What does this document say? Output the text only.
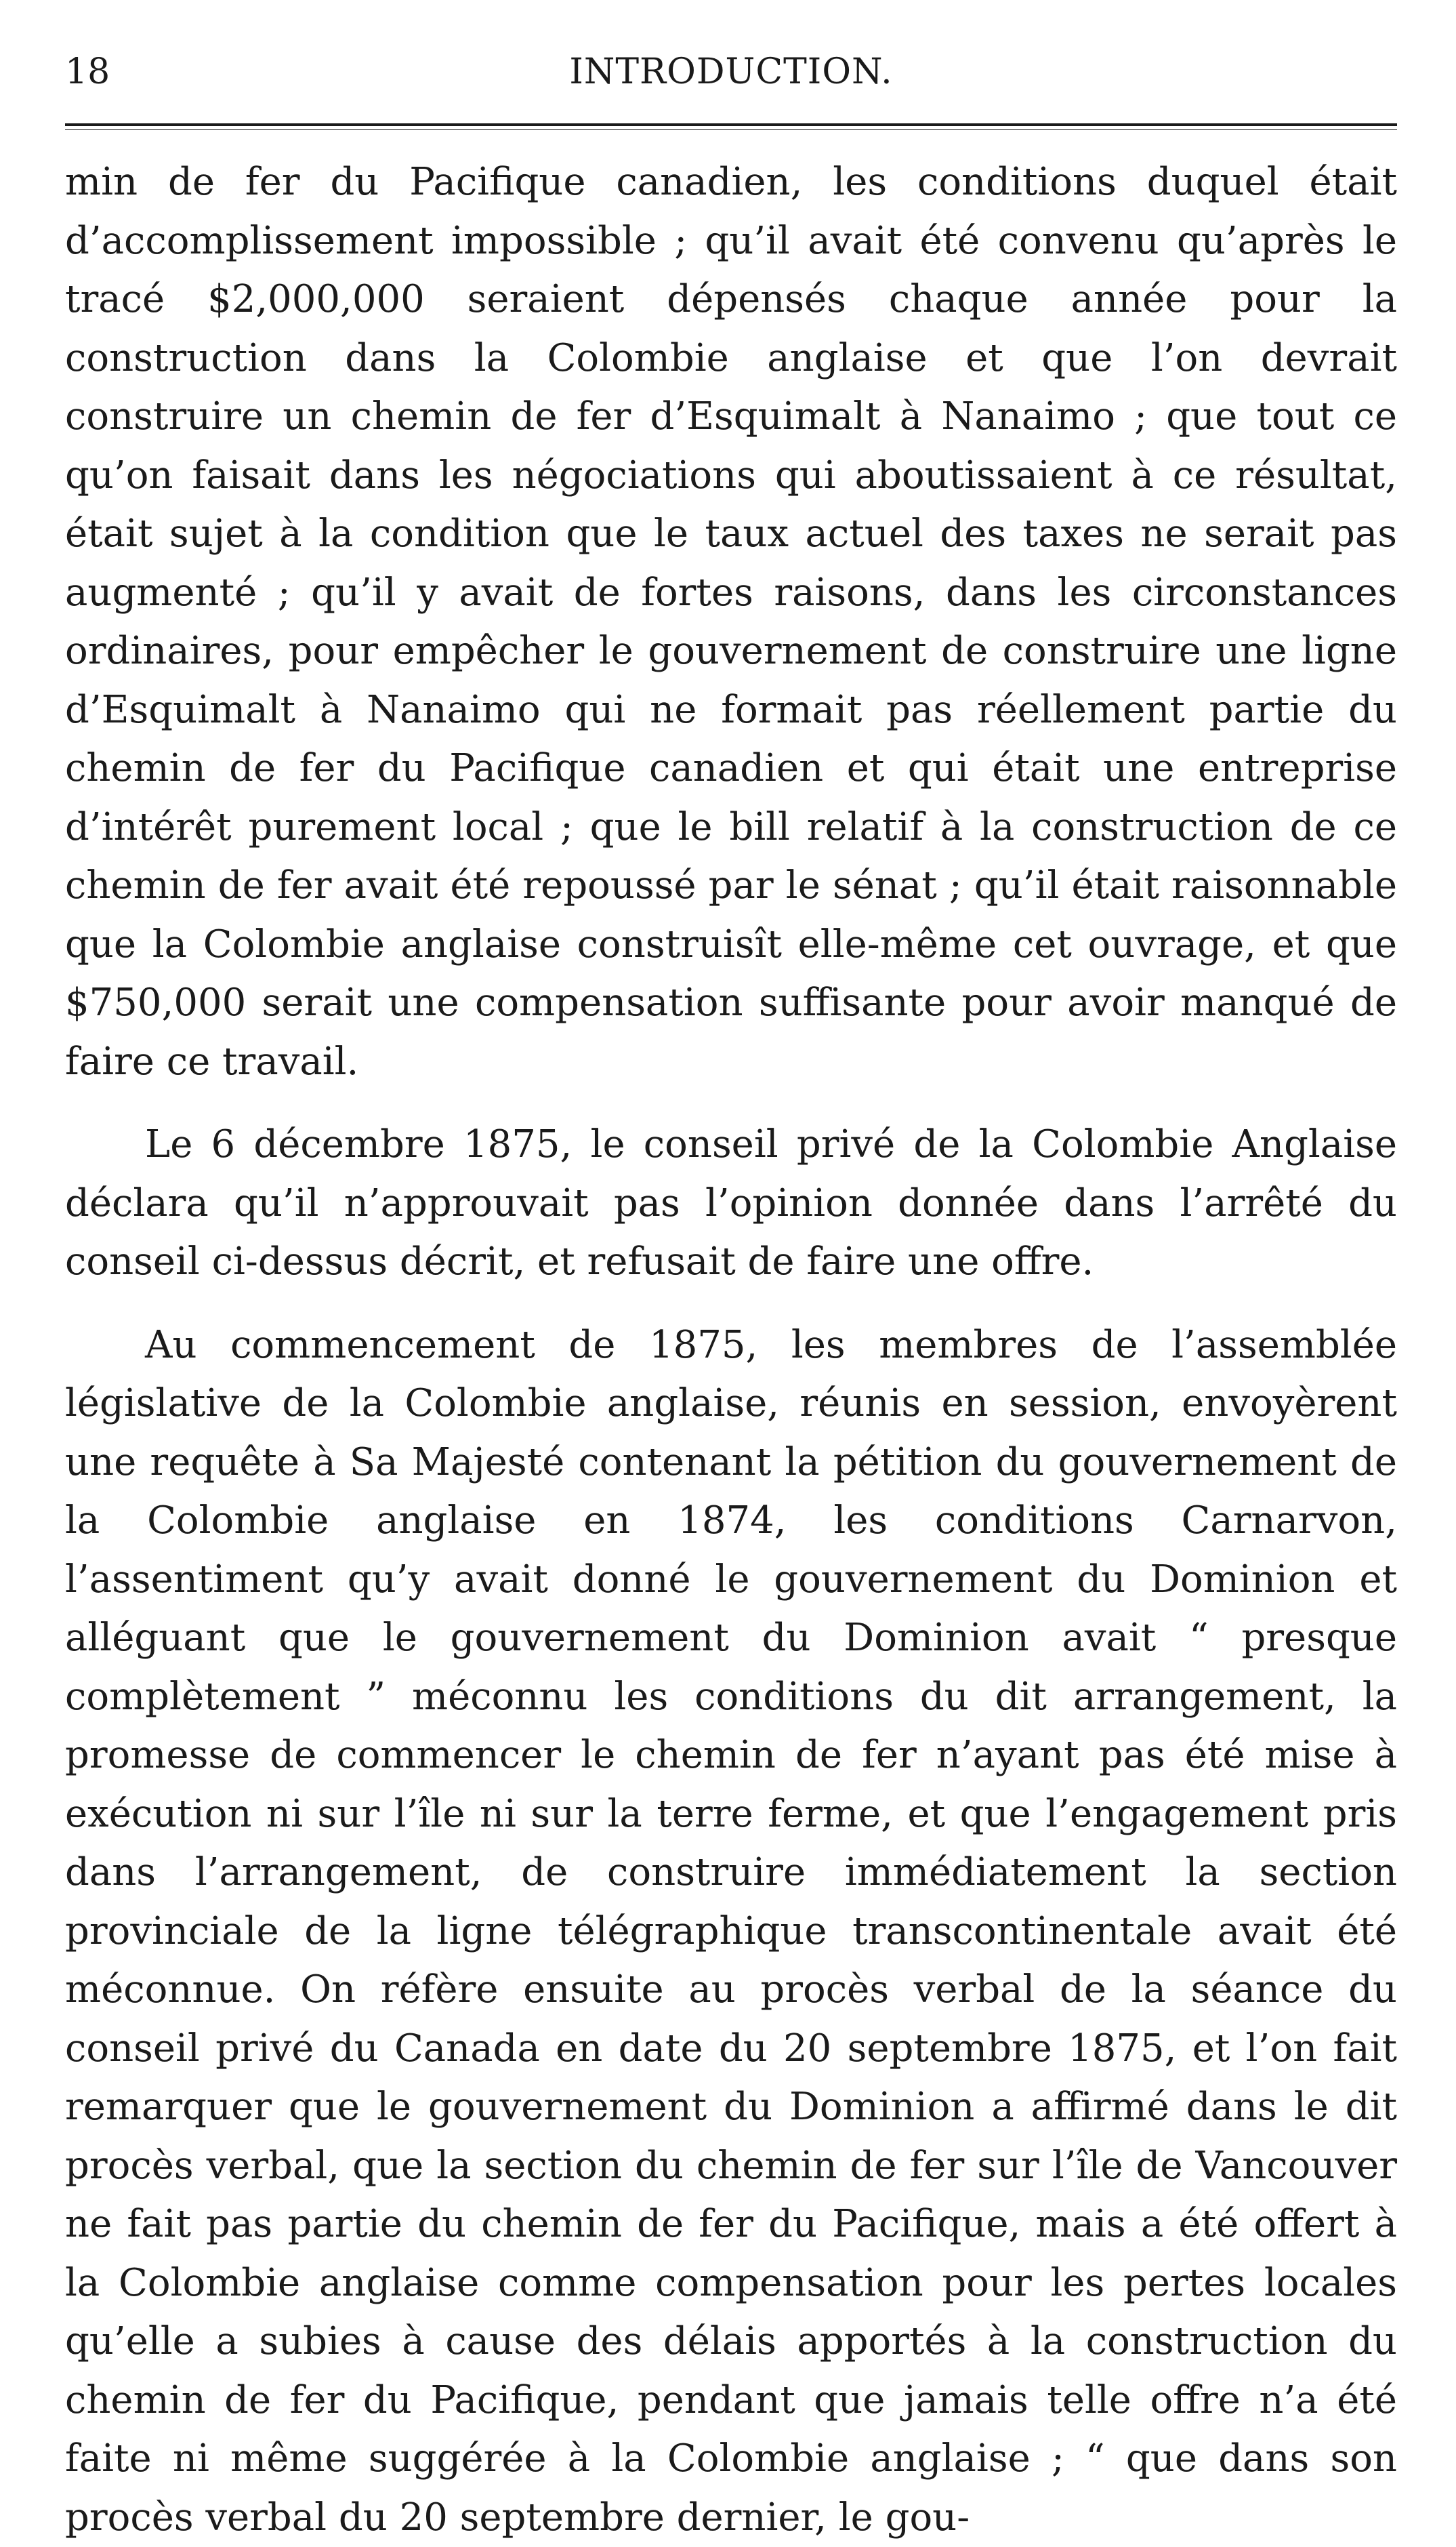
18	INTRODUCTION.

min de fer du Pacifique canadien, les conditions duquel était d’accomplissement impossible ; qu’il avait été convenu qu’après le tracé $2,000,000 seraient dépensés chaque année pour la construction dans la Colombie anglaise et que l’on devrait construire un chemin de fer d’Esquimalt à Nanaimo ; que tout ce qu’on faisait dans les négociations qui aboutissaient à ce résultat, était sujet à la condition que le taux actuel des taxes ne serait pas augmenté ; qu’il y avait de fortes raisons, dans les circonstances ordinaires, pour empêcher le gouvernement de construire une ligne d’Esquimalt à Nanaimo qui ne formait pas réellement partie du chemin de fer du Pacifique canadien et qui était une entreprise d’intérêt purement local ; que le bill relatif à la construction de ce chemin de fer avait été repoussé par le sénat ; qu’il était raisonnable que la Colombie anglaise construisît elle-même cet ouvrage, et que $750,000 serait une compensation suffisante pour avoir manqué de faire ce travail.

Le 6 décembre 1875, le conseil privé de la Colombie Anglaise déclara qu’il n’approuvait pas l’opinion donnée dans l’arrêté du conseil ci-dessus décrit, et refusait de faire une offre.

Au commencement de 1875, les membres de l’assemblée législative de la Colombie anglaise, réunis en session, envoyèrent une requête à Sa Majesté contenant la pétition du gouvernement de la Colombie anglaise en 1874, les conditions Carnarvon, l’assentiment qu’y avait donné le gouvernement du Dominion et alléguant que le gouvernement du Dominion avait “ presque complètement ” méconnu les conditions du dit arrangement, la promesse de commencer le chemin de fer n’ayant pas été mise à exécution ni sur l’île ni sur la terre ferme, et que l’engagement pris dans l’arrangement, de construire immédiatement la section provinciale de la ligne télégraphique transcontinentale avait été méconnue. On réfère ensuite au procès verbal de la séance du conseil privé du Canada en date du 20 septembre 1875, et l’on fait remarquer que le gouvernement du Dominion a affirmé dans le dit procès verbal, que la section du chemin de fer sur l’île de Vancouver ne fait pas partie du chemin de fer du Pacifique, mais a été offert à la Colombie anglaise comme compensation pour les pertes locales qu’elle a subies à cause des délais apportés à la construction du chemin de fer du Pacifique, pendant que jamais telle offre n’a été faite ni même suggérée à la Colombie anglaise ; “ que dans son procès verbal du 20 septembre dernier, le gou-
